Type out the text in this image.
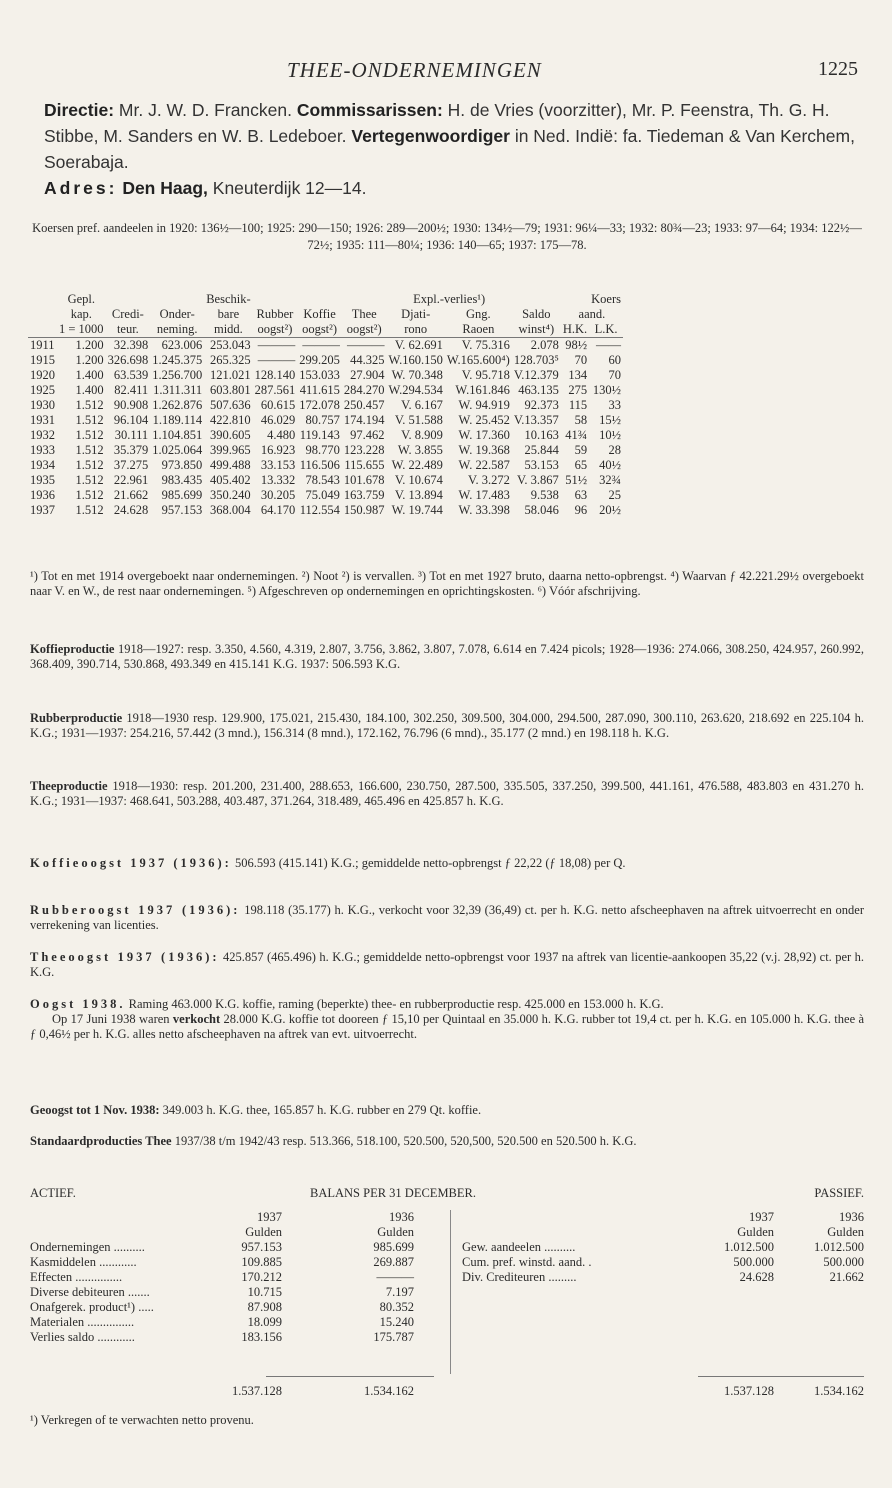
THEE-ONDERNEMINGEN	1225
Directie: Mr. J. W. D. Francken. Commissarissen: H. de Vries (voorzitter), Mr. P. Feenstra, Th. G. H. Stibbe, M. Sanders en W. B. Ledeboer. Vertegenwoordiger in Ned. Indië: fa. Tiedeman & Van Kerchem, Soerabaja.
Adres: Den Haag, Kneuterdijk 12—14.
Koersen pref. aandeelen in 1920: 136½—100; 1925: 290—150; 1926: 289—200½; 1930: 134½—79; 1931: 96¼—33; 1932: 80¾—23; 1933: 97—64; 1934: 122½—72½; 1935: 111—80¼; 1936: 140—65; 1937: 175—78.
	Gepl.			Beschik-				Expl.-verlies¹)				Koers
	kap.	Credi-	Onder-	bare	Rubber	Koffie	Thee	Djati-	Gng.	Saldo	aand.	
	1 = 1000	teur.	neming.	midd.	oogst²)	oogst²)	oogst²)	rono	Raoen	winst⁴)	H.K.	L.K.
1911	1.200	32.398	623.006	253.043	———	———	———	V. 62.691	V. 75.316	2.078	98½	——
1915	1.200	326.698	1.245.375	265.325	———	299.205	44.325	W.160.150	W.165.600⁴)	128.703⁵	70	60
1920	1.400	63.539	1.256.700	121.021	128.140	153.033	27.904	W. 70.348	V. 95.718	V.12.379	134	70
1925	1.400	82.411	1.311.311	603.801	287.561	411.615	284.270	W.294.534	W.161.846	463.135	275	130½
1930	1.512	90.908	1.262.876	507.636	60.615	172.078	250.457	V. 6.167	W. 94.919	92.373	115	33
1931	1.512	96.104	1.189.114	422.810	46.029	80.757	174.194	V. 51.588	W. 25.452	V.13.357	58	15½
1932	1.512	30.111	1.104.851	390.605	4.480	119.143	97.462	V. 8.909	W. 17.360	10.163	41¾	10½
1933	1.512	35.379	1.025.064	399.965	16.923	98.770	123.228	W. 3.855	W. 19.368	25.844	59	28
1934	1.512	37.275	973.850	499.488	33.153	116.506	115.655	W. 22.489	W. 22.587	53.153	65	40½
1935	1.512	22.961	983.435	405.402	13.332	78.543	101.678	V. 10.674	V. 3.272	V. 3.867	51½	32¾
1936	1.512	21.662	985.699	350.240	30.205	75.049	163.759	V. 13.894	W. 17.483	9.538	63	25
1937	1.512	24.628	957.153	368.004	64.170	112.554	150.987	W. 19.744	W. 33.398	58.046	96	20½
¹) Tot en met 1914 overgeboekt naar ondernemingen. ²) Noot ²) is vervallen. ³) Tot en met 1927 bruto, daarna netto-opbrengst. ⁴) Waarvan ƒ 42.221.29½ overgeboekt naar V. en W., de rest naar ondernemingen. ⁵) Afgeschreven op ondernemingen en oprichtingskosten. ⁶) Vóór afschrijving.
Koffieproductie 1918—1927: resp. 3.350, 4.560, 4.319, 2.807, 3.756, 3.862, 3.807, 7.078, 6.614 en 7.424 picols; 1928—1936: 274.066, 308.250, 424.957, 260.992, 368.409, 390.714, 530.868, 493.349 en 415.141 K.G. 1937: 506.593 K.G.
Rubberproductie 1918—1930 resp. 129.900, 175.021, 215.430, 184.100, 302.250, 309.500, 304.000, 294.500, 287.090, 300.110, 263.620, 218.692 en 225.104 h. K.G.; 1931—1937: 254.216, 57.442 (3 mnd.), 156.314 (8 mnd.), 172.162, 76.796 (6 mnd)., 35.177 (2 mnd.) en 198.118 h. K.G.
Theeproductie 1918—1930: resp. 201.200, 231.400, 288.653, 166.600, 230.750, 287.500, 335.505, 337.250, 399.500, 441.161, 476.588, 483.803 en 431.270 h. K.G.; 1931—1937: 468.641, 503.288, 403.487, 371.264, 318.489, 465.496 en 425.857 h. K.G.
Koffieoogst 1937 (1936): 506.593 (415.141) K.G.; gemiddelde netto-opbrengst ƒ 22,22 (ƒ 18,08) per Q.
Rubberoogst 1937 (1936): 198.118 (35.177) h. K.G., verkocht voor 32,39 (36,49) ct. per h. K.G. netto afscheephaven na aftrek uitvoerrecht en onder verrekening van licenties.
Theeoogst 1937 (1936): 425.857 (465.496) h. K.G.; gemiddelde netto-opbrengst voor 1937 na aftrek van licentie-aankoopen 35,22 (v.j. 28,92) ct. per h. K.G.
Oogst 1938. Raming 463.000 K.G. koffie, raming (beperkte) thee- en rubberproductie resp. 425.000 en 153.000 h. K.G.
Op 17 Juni 1938 waren verkocht 28.000 K.G. koffie tot dooreen ƒ 15,10 per Quintaal en 35.000 h. K.G. rubber tot 19,4 ct. per h. K.G. en 105.000 h. K.G. thee à ƒ 0,46½ per h. K.G. alles netto afscheephaven na aftrek van evt. uitvoerrecht.
Geoogst tot 1 Nov. 1938: 349.003 h. K.G. thee, 165.857 h. K.G. rubber en 279 Qt. koffie.
Standaardproducties Thee 1937/38 t/m 1942/43 resp. 513.366, 518.100, 520.500, 520,500, 520.500 en 520.500 h. K.G.
ACTIEF.	BALANS PER 31 DECEMBER.	PASSIEF.
1937	1936
Gulden	Gulden
Ondernemingen ..........	957.153	985.699
Kasmiddelen ............	109.885	269.887
Effecten ...............	170.212	———
Diverse debiteuren .......	10.715	7.197
Onafgerek. product¹) .....	87.908	80.352
Materialen ...............	18.099	15.240
Verlies saldo ............	183.156	175.787
1937	1936
Gulden	Gulden
Gew. aandeelen ..........	1.012.500	1.012.500
Cum. pref. winstd. aand. .	500.000	500.000
Div. Crediteuren .........	24.628	21.662
1.537.128	1.534.162	1.537.128	1.534.162
¹) Verkregen of te verwachten netto provenu.
